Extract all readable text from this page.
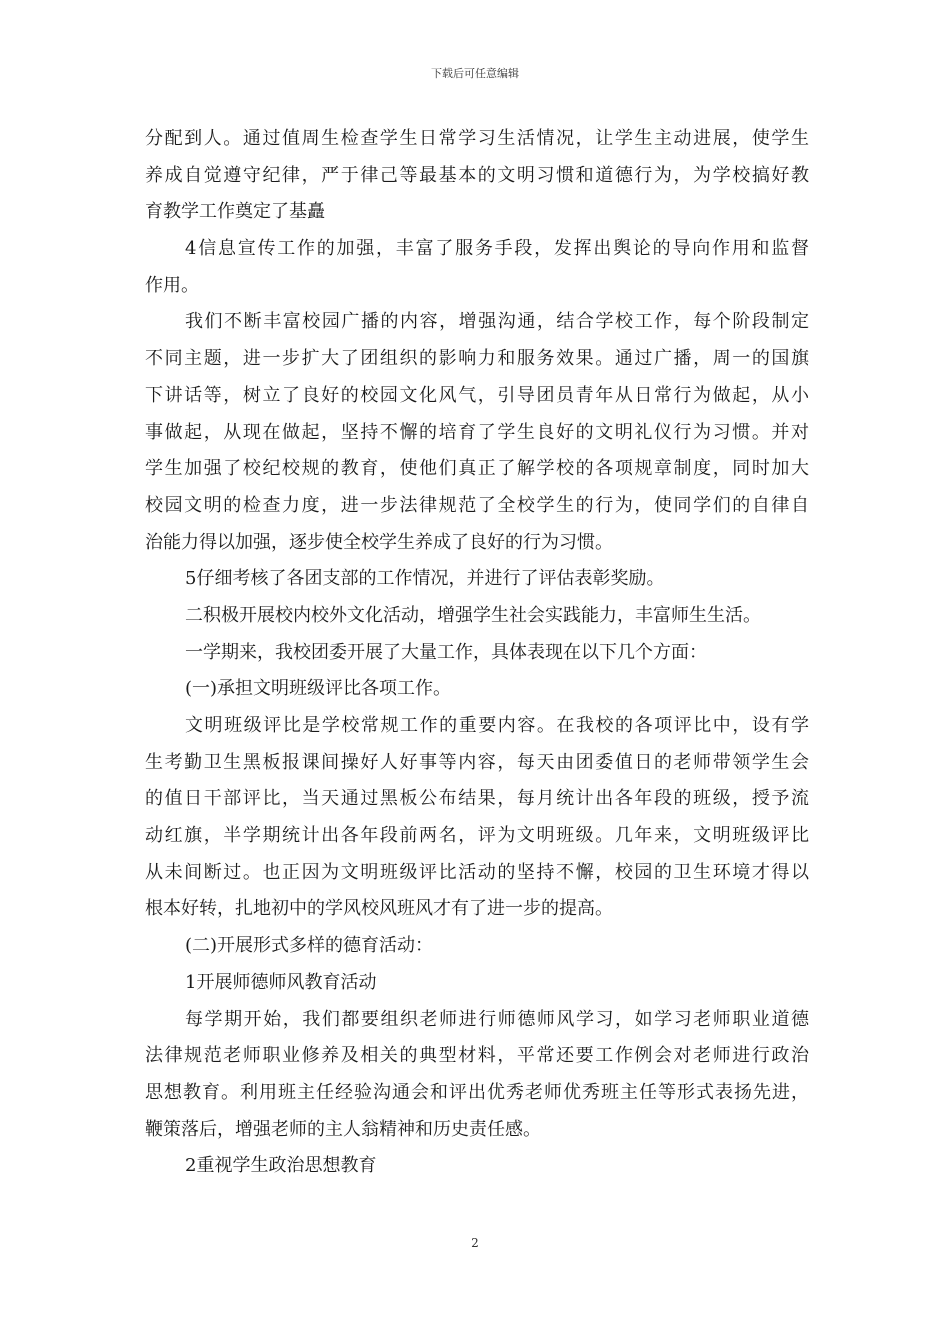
下载后可任意编辑
分配到人。通过值周生检查学生日常学习生活情况，让学生主动进展，使学生
养成自觉遵守纪律，严于律己等最基本的文明习惯和道德行为，为学校搞好教
育教学工作奠定了基矗
4信息宣传工作的加强，丰富了服务手段，发挥出舆论的导向作用和监督
作用。
我们不断丰富校园广播的内容，增强沟通，结合学校工作，每个阶段制定
不同主题，进一步扩大了团组织的影响力和服务效果。通过广播，周一的国旗
下讲话等，树立了良好的校园文化风气，引导团员青年从日常行为做起，从小
事做起，从现在做起，坚持不懈的培育了学生良好的文明礼仪行为习惯。并对
学生加强了校纪校规的教育，使他们真正了解学校的各项规章制度，同时加大
校园文明的检查力度，进一步法律规范了全校学生的行为，使同学们的自律自
治能力得以加强，逐步使全校学生养成了良好的行为习惯。
5仔细考核了各团支部的工作情况，并进行了评估表彰奖励。
二积极开展校内校外文化活动，增强学生社会实践能力，丰富师生生活。
一学期来，我校团委开展了大量工作，具体表现在以下几个方面：
(一)承担文明班级评比各项工作。
文明班级评比是学校常规工作的重要内容。在我校的各项评比中，设有学
生考勤卫生黑板报课间操好人好事等内容，每天由团委值日的老师带领学生会
的值日干部评比，当天通过黑板公布结果，每月统计出各年段的班级，授予流
动红旗，半学期统计出各年段前两名，评为文明班级。几年来，文明班级评比
从未间断过。也正因为文明班级评比活动的坚持不懈，校园的卫生环境才得以
根本好转，扎地初中的学风校风班风才有了进一步的提高。
(二)开展形式多样的德育活动：
1开展师德师风教育活动
每学期开始，我们都要组织老师进行师德师风学习，如学习老师职业道德
法律规范老师职业修养及相关的典型材料，平常还要工作例会对老师进行政治
思想教育。利用班主任经验沟通会和评出优秀老师优秀班主任等形式表扬先进，
鞭策落后，增强老师的主人翁精神和历史责任感。
2重视学生政治思想教育
2
